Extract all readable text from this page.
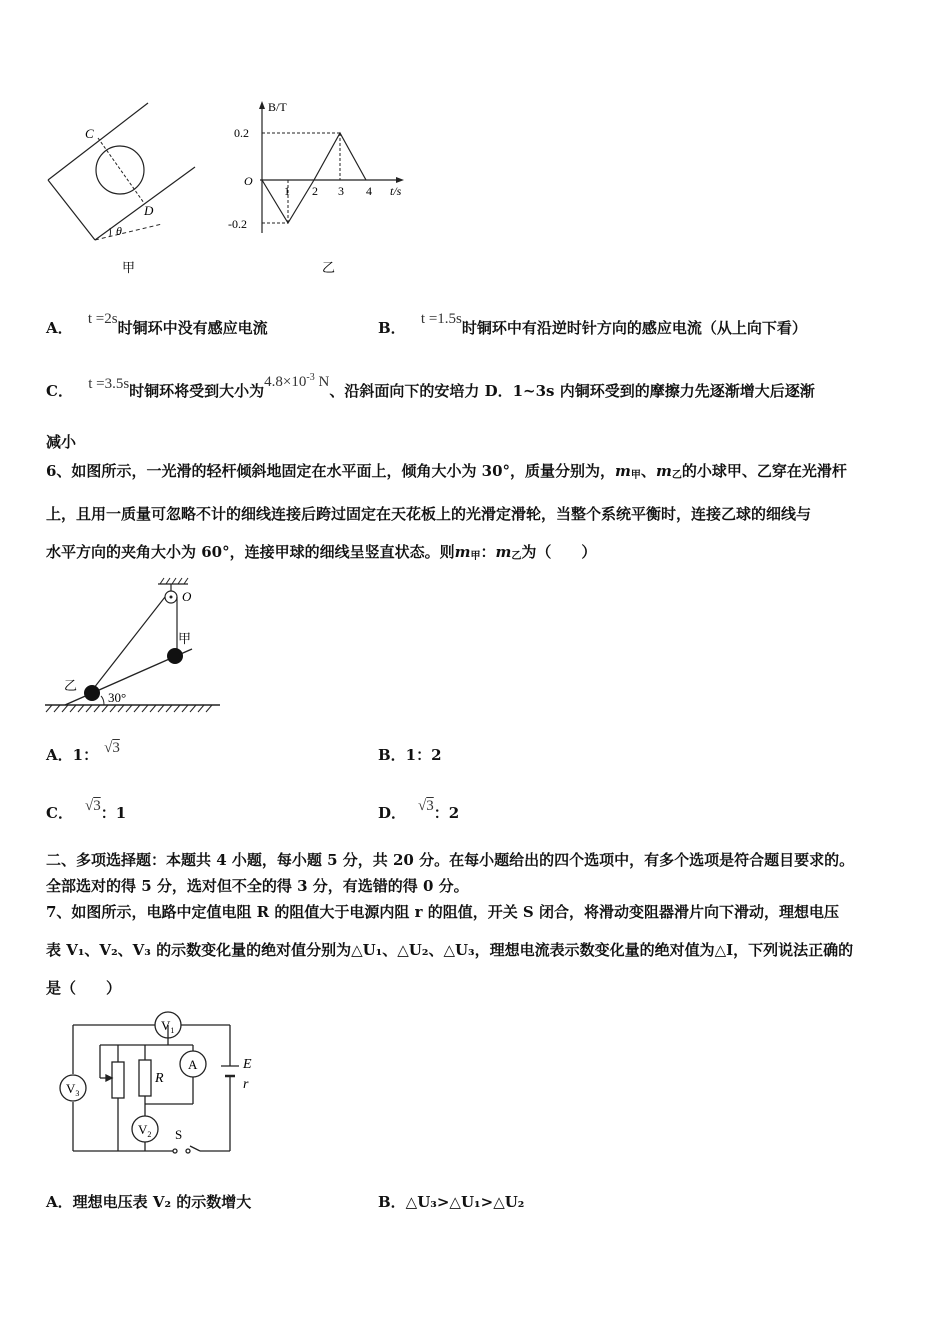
C
D
θ
甲
B/T
t/s
O
0.2
-0.2
1 2 3 4
乙
A． t =2s时铜环中没有感应电流	B． t =1.5s时铜环中有沿逆时针方向的感应电流（从上向下看）
C． t =3.5s时铜环将受到大小为$4.8\times 10^{-3}$ N、沿斜面向下的安培力 D．1~3s 内铜环受到的摩擦力先逐渐增大后逐渐
减小
6、如图所示，一光滑的轻杆倾斜地固定在水平面上，倾角大小为 30°，质量分别为，$m_甲$、$m_乙$的小球甲、乙穿在光滑杆
上，且用一质量可忽略不计的细线连接后跨过固定在天花板上的光滑定滑轮，当整个系统平衡时，连接乙球的细线与
水平方向的夹角大小为 60°，连接甲球的细线呈竖直状态。则$m_甲$：$m_乙$为（　　）
O
甲
乙
30°
A．1： √3	B．1：2
C． √3：1	D． √3：2
二、多项选择题：本题共 4 小题，每小题 5 分，共 20 分。在每小题给出的四个选项中，有多个选项是符合题目要求的。
全部选对的得 5 分，选对但不全的得 3 分，有选错的得 0 分。
7、如图所示，电路中定值电阻 R 的阻值大于电源内阻 r 的阻值，开关 S 闭合，将滑动变阻器滑片向下滑动，理想电压
表 V₁、V₂、V₃ 的示数变化量的绝对值分别为△U₁、△U₂、△U₃，理想电流表示数变化量的绝对值为△I，下列说法正确的
是（　　）
$V_1$
A
$V_3$
$V_2$
R
E
r
S
A．理想电压表 V₂ 的示数增大	B．△U₃>△U₁>△U₂
